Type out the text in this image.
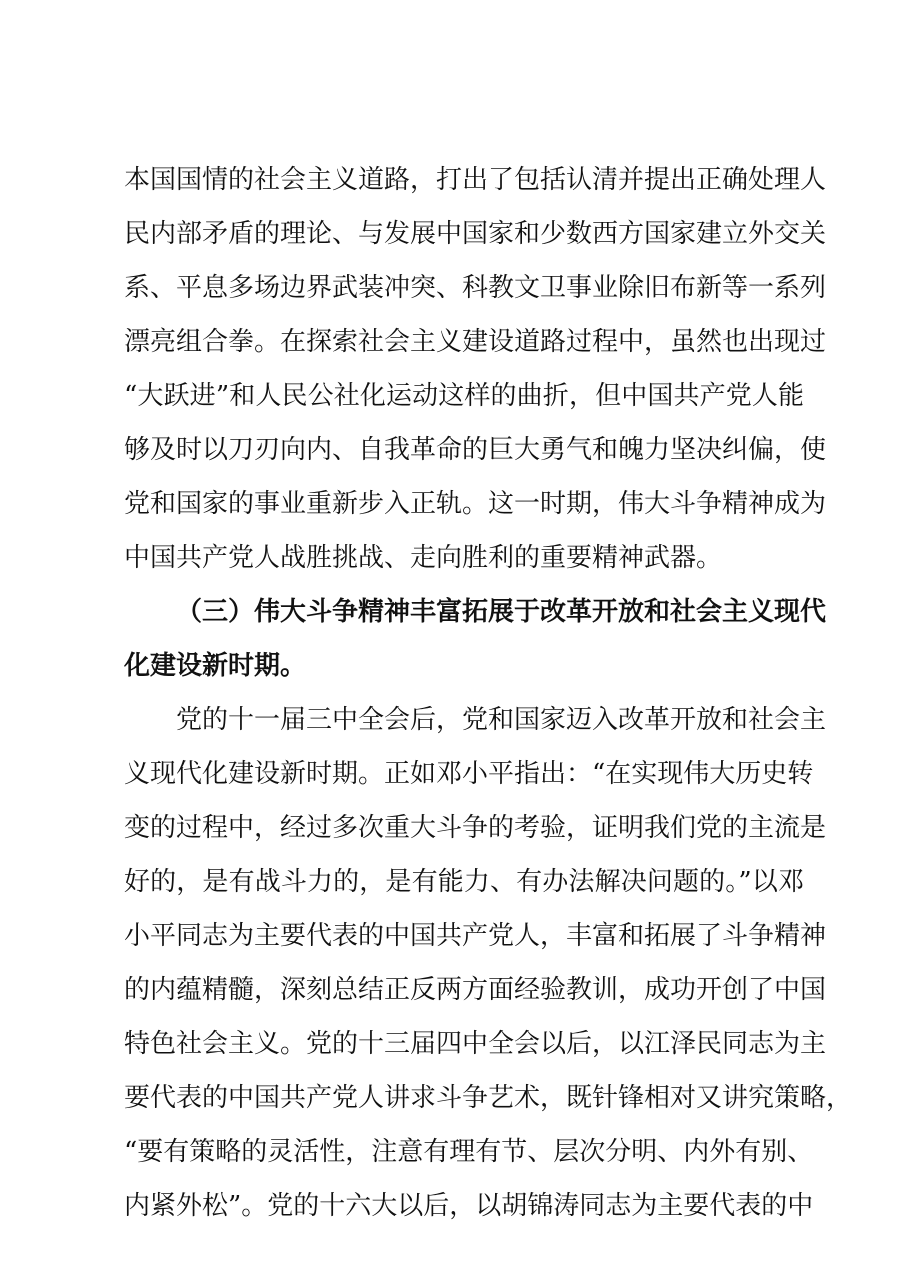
本国国情的社会主义道路，打出了包括认清并提出正确处理人
民内部矛盾的理论、与发展中国家和少数西方国家建立外交关
系、平息多场边界武装冲突、科教文卫事业除旧布新等一系列
漂亮组合拳。在探索社会主义建设道路过程中，虽然也出现过
“大跃进”和人民公社化运动这样的曲折，但中国共产党人能
够及时以刀刃向内、自我革命的巨大勇气和魄力坚决纠偏，使
党和国家的事业重新步入正轨。这一时期，伟大斗争精神成为
中国共产党人战胜挑战、走向胜利的重要精神武器。
（三）伟大斗争精神丰富拓展于改革开放和社会主义现代
化建设新时期。
党的十一届三中全会后，党和国家迈入改革开放和社会主
义现代化建设新时期。正如邓小平指出：“在实现伟大历史转
变的过程中，经过多次重大斗争的考验，证明我们党的主流是
好的，是有战斗力的，是有能力、有办法解决问题的。”以邓
小平同志为主要代表的中国共产党人，丰富和拓展了斗争精神
的内蕴精髓，深刻总结正反两方面经验教训，成功开创了中国
特色社会主义。党的十三届四中全会以后，以江泽民同志为主
要代表的中国共产党人讲求斗争艺术，既针锋相对又讲究策略，
“要有策略的灵活性，注意有理有节、层次分明、内外有别、
内紧外松”。党的十六大以后，以胡锦涛同志为主要代表的中
